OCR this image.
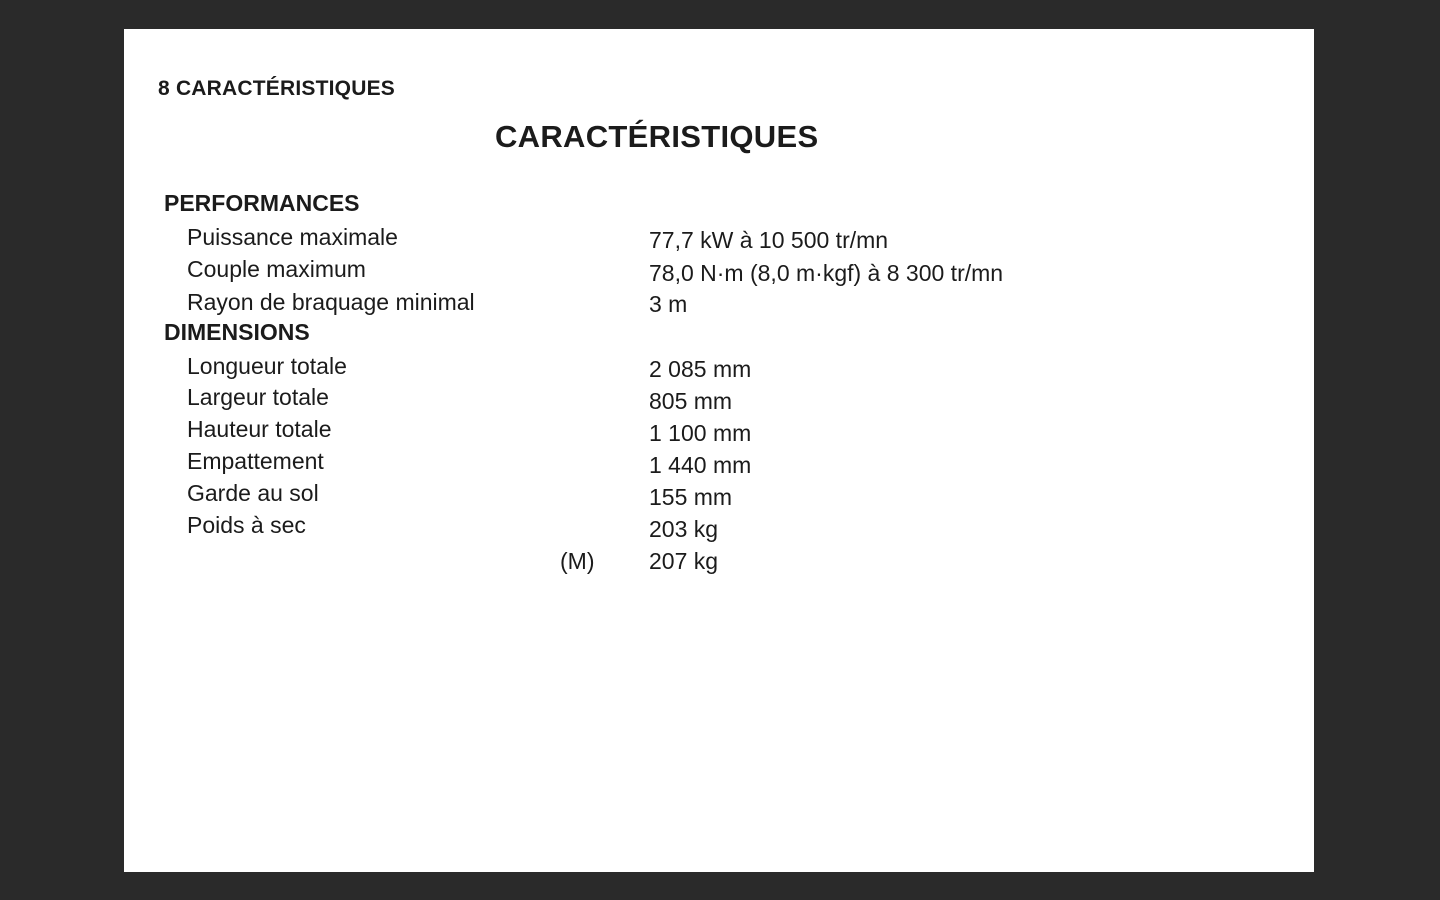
8 CARACTÉRISTIQUES
CARACTÉRISTIQUES
PERFORMANCES
Puissance maximale	77,7 kW à 10 500 tr/mn
Couple maximum	78,0 N·m (8,0 m·kgf) à 8 300 tr/mn
Rayon de braquage minimal	3 m
DIMENSIONS
Longueur totale	2 085 mm
Largeur totale	805 mm
Hauteur totale	1 100 mm
Empattement	1 440 mm
Garde au sol	155 mm
Poids à sec	203 kg
(M) 207 kg
